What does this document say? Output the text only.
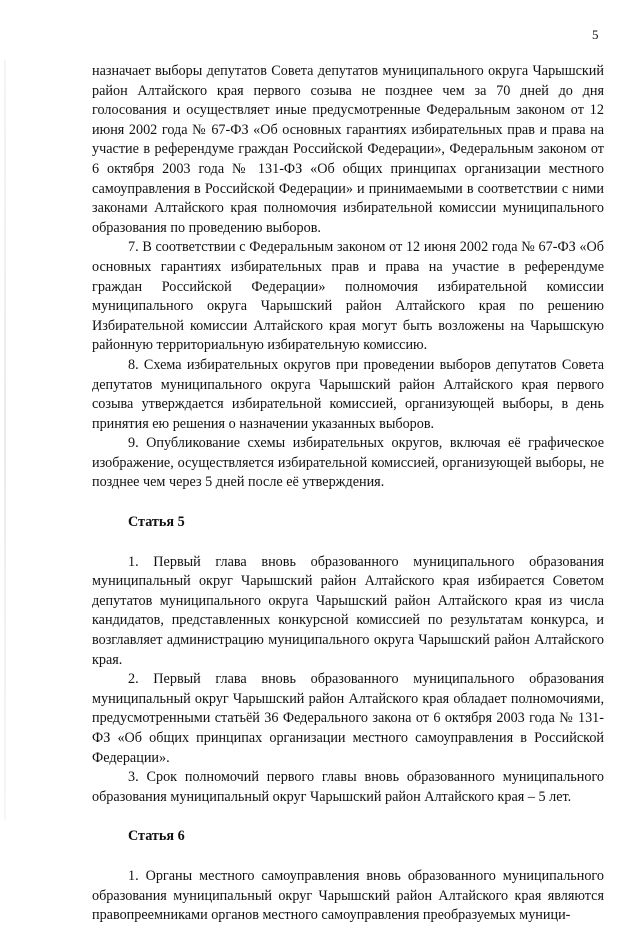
5

назначает выборы депутатов Совета депутатов муниципального округа Чарышский район Алтайского края первого созыва не позднее чем за 70 дней до дня голосования и осуществляет иные предусмотренные Федеральным законом от 12 июня 2002 года № 67-ФЗ «Об основных гарантиях избирательных прав и права на участие в референдуме граждан Российской Федерации», Федеральным законом от 6 октября 2003 года № 131-ФЗ «Об общих принципах организации местного самоуправления в Российской Федерации» и принимаемыми в соответствии с ними законами Алтайского края полномочия избирательной комиссии муниципального образования по проведению выборов.

7. В соответствии с Федеральным законом от 12 июня 2002 года № 67-ФЗ «Об основных гарантиях избирательных прав и права на участие в референдуме граждан Российской Федерации» полномочия избирательной комиссии муниципального округа Чарышский район Алтайского края по решению Избирательной комиссии Алтайского края могут быть возложены на Чарышскую районную территориальную избирательную комиссию.

8. Схема избирательных округов при проведении выборов депутатов Совета депутатов муниципального округа Чарышский район Алтайского края первого созыва утверждается избирательной комиссией, организующей выборы, в день принятия ею решения о назначении указанных выборов.

9. Опубликование схемы избирательных округов, включая её графическое изображение, осуществляется избирательной комиссией, организующей выборы, не позднее чем через 5 дней после её утверждения.

Статья 5

1. Первый глава вновь образованного муниципального образования муниципальный округ Чарышский район Алтайского края избирается Советом депутатов муниципального округа Чарышский район Алтайского края из числа кандидатов, представленных конкурсной комиссией по результатам конкурса, и возглавляет администрацию муниципального округа Чарышский район Алтайского края.

2. Первый глава вновь образованного муниципального образования муниципальный округ Чарышский район Алтайского края обладает полномочиями, предусмотренными статьёй 36 Федерального закона от 6 октября 2003 года № 131-ФЗ «Об общих принципах организации местного самоуправления в Российской Федерации».

3. Срок полномочий первого главы вновь образованного муниципального образования муниципальный округ Чарышский район Алтайского края – 5 лет.

Статья 6

1. Органы местного самоуправления вновь образованного муниципального образования муниципальный округ Чарышский район Алтайского края являются правопреемниками органов местного самоуправления преобразуемых муници-
